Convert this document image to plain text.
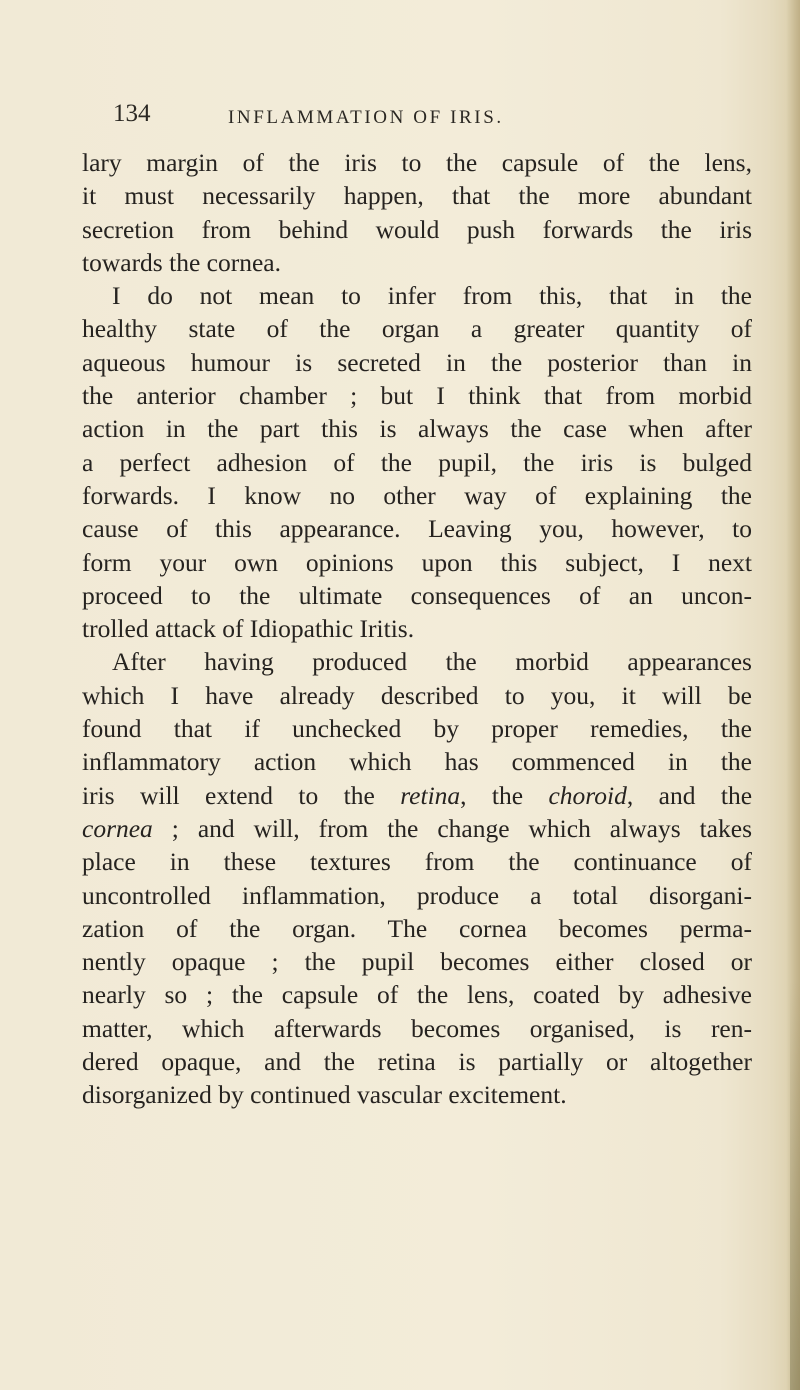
134	INFLAMMATION OF IRIS.
lary margin of the iris to the capsule of the lens,
it must necessarily happen, that the more abundant
secretion from behind would push forwards the iris
towards the cornea.
I do not mean to infer from this, that in the
healthy state of the organ a greater quantity of
aqueous humour is secreted in the posterior than in
the anterior chamber ; but I think that from morbid
action in the part this is always the case when after
a perfect adhesion of the pupil, the iris is bulged
forwards. I know no other way of explaining the
cause of this appearance. Leaving you, however, to
form your own opinions upon this subject, I next
proceed to the ultimate consequences of an uncon-
trolled attack of Idiopathic Iritis.
After having produced the morbid appearances
which I have already described to you, it will be
found that if unchecked by proper remedies, the
inflammatory action which has commenced in the
iris will extend to the retina, the choroid, and the
cornea ; and will, from the change which always takes
place in these textures from the continuance of
uncontrolled inflammation, produce a total disorgani-
zation of the organ. The cornea becomes perma-
nently opaque ; the pupil becomes either closed or
nearly so ; the capsule of the lens, coated by adhesive
matter, which afterwards becomes organised, is ren-
dered opaque, and the retina is partially or altogether
disorganized by continued vascular excitement.
